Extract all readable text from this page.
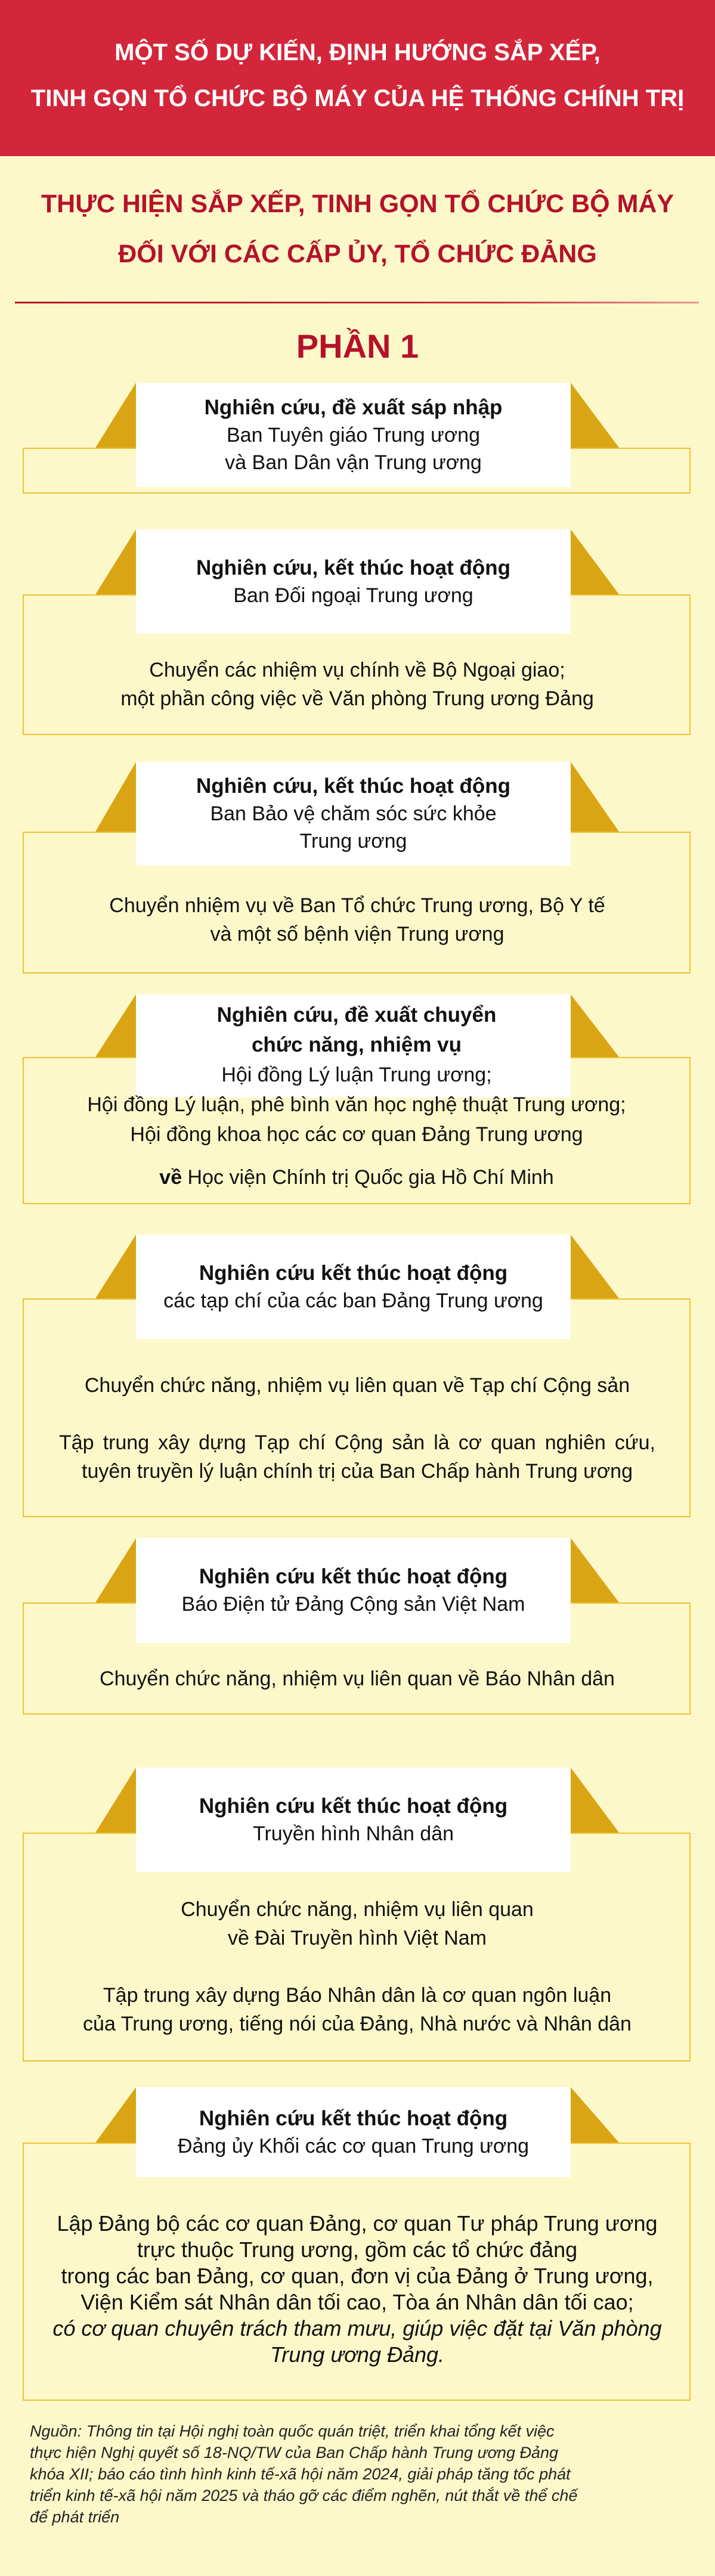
MỘT SỐ DỰ KIẾN, ĐỊNH HƯỚNG SẮP XẾP,
TINH GỌN TỔ CHỨC BỘ MÁY CỦA HỆ THỐNG CHÍNH TRỊ
THỰC HIỆN SẮP XẾP, TINH GỌN TỔ CHỨC BỘ MÁY
ĐỐI VỚI CÁC CẤP ỦY, TỔ CHỨC ĐẢNG
PHẦN 1
Nghiên cứu, đề xuất sáp nhập
Ban Tuyên giáo Trung ương
và Ban Dân vận Trung ương
Nghiên cứu, kết thúc hoạt động
Ban Đối ngoại Trung ương
Chuyển các nhiệm vụ chính về Bộ Ngoại giao;
một phần công việc về Văn phòng Trung ương Đảng
Nghiên cứu, kết thúc hoạt động
Ban Bảo vệ chăm sóc sức khỏe
Trung ương
Chuyển nhiệm vụ về Ban Tổ chức Trung ương, Bộ Y tế
và một số bệnh viện Trung ương
Nghiên cứu, đề xuất chuyển
chức năng, nhiệm vụ
Hội đồng Lý luận Trung ương;
Hội đồng Lý luận, phê bình văn học nghệ thuật Trung ương;
Hội đồng khoa học các cơ quan Đảng Trung ương
về Học viện Chính trị Quốc gia Hồ Chí Minh
Nghiên cứu kết thúc hoạt động
các tạp chí của các ban Đảng Trung ương
Chuyển chức năng, nhiệm vụ liên quan về Tạp chí Cộng sản
Tập trung xây dựng Tạp chí Cộng sản là cơ quan nghiên cứu, tuyên truyền lý luận chính trị của Ban Chấp hành Trung ương
Nghiên cứu kết thúc hoạt động
Báo Điện tử Đảng Cộng sản Việt Nam
Chuyển chức năng, nhiệm vụ liên quan về Báo Nhân dân
Nghiên cứu kết thúc hoạt động
Truyền hình Nhân dân
Chuyển chức năng, nhiệm vụ liên quan
về Đài Truyền hình Việt Nam
Tập trung xây dựng Báo Nhân dân là cơ quan ngôn luận
của Trung ương, tiếng nói của Đảng, Nhà nước và Nhân dân
Nghiên cứu kết thúc hoạt động
Đảng ủy Khối các cơ quan Trung ương
Lập Đảng bộ các cơ quan Đảng, cơ quan Tư pháp Trung ương
trực thuộc Trung ương, gồm các tổ chức đảng
trong các ban Đảng, cơ quan, đơn vị của Đảng ở Trung ương,
Viện Kiểm sát Nhân dân tối cao, Tòa án Nhân dân tối cao;
có cơ quan chuyên trách tham mưu, giúp việc đặt tại Văn phòng
Trung ương Đảng.
Nguồn: Thông tin tại Hội nghị toàn quốc quán triệt, triển khai tổng kết việc
thực hiện Nghị quyết số 18-NQ/TW của Ban Chấp hành Trung ương Đảng
khóa XII; báo cáo tình hình kinh tế-xã hội năm 2024, giải pháp tăng tốc phát
triển kinh tế-xã hội năm 2025 và tháo gỡ các điểm nghẽn, nút thắt về thể chế
để phát triển
